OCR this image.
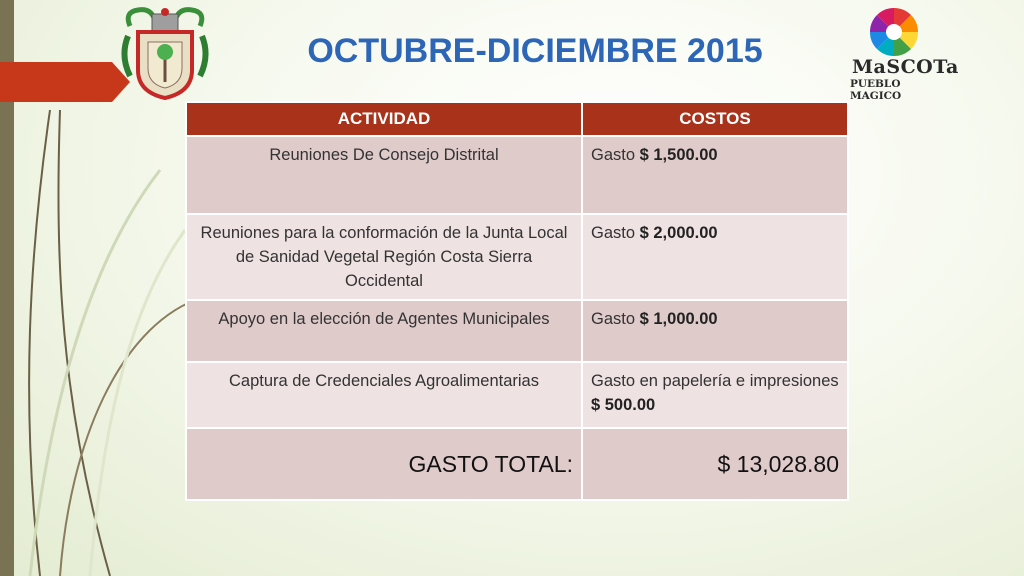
MaSCOTa
PUEBLO MAGICO
OCTUBRE-DICIEMBRE 2015
ACTIVIDAD	COSTOS
Reuniones De Consejo Distrital	Gasto $ 1,500.00
Reuniones para la conformación de la Junta Local de Sanidad Vegetal Región Costa Sierra Occidental	Gasto $ 2,000.00
Apoyo en la elección de Agentes Municipales	Gasto $ 1,000.00
Captura de Credenciales Agroalimentarias	Gasto en papelería e impresiones $ 500.00
GASTO TOTAL:	$ 13,028.80
